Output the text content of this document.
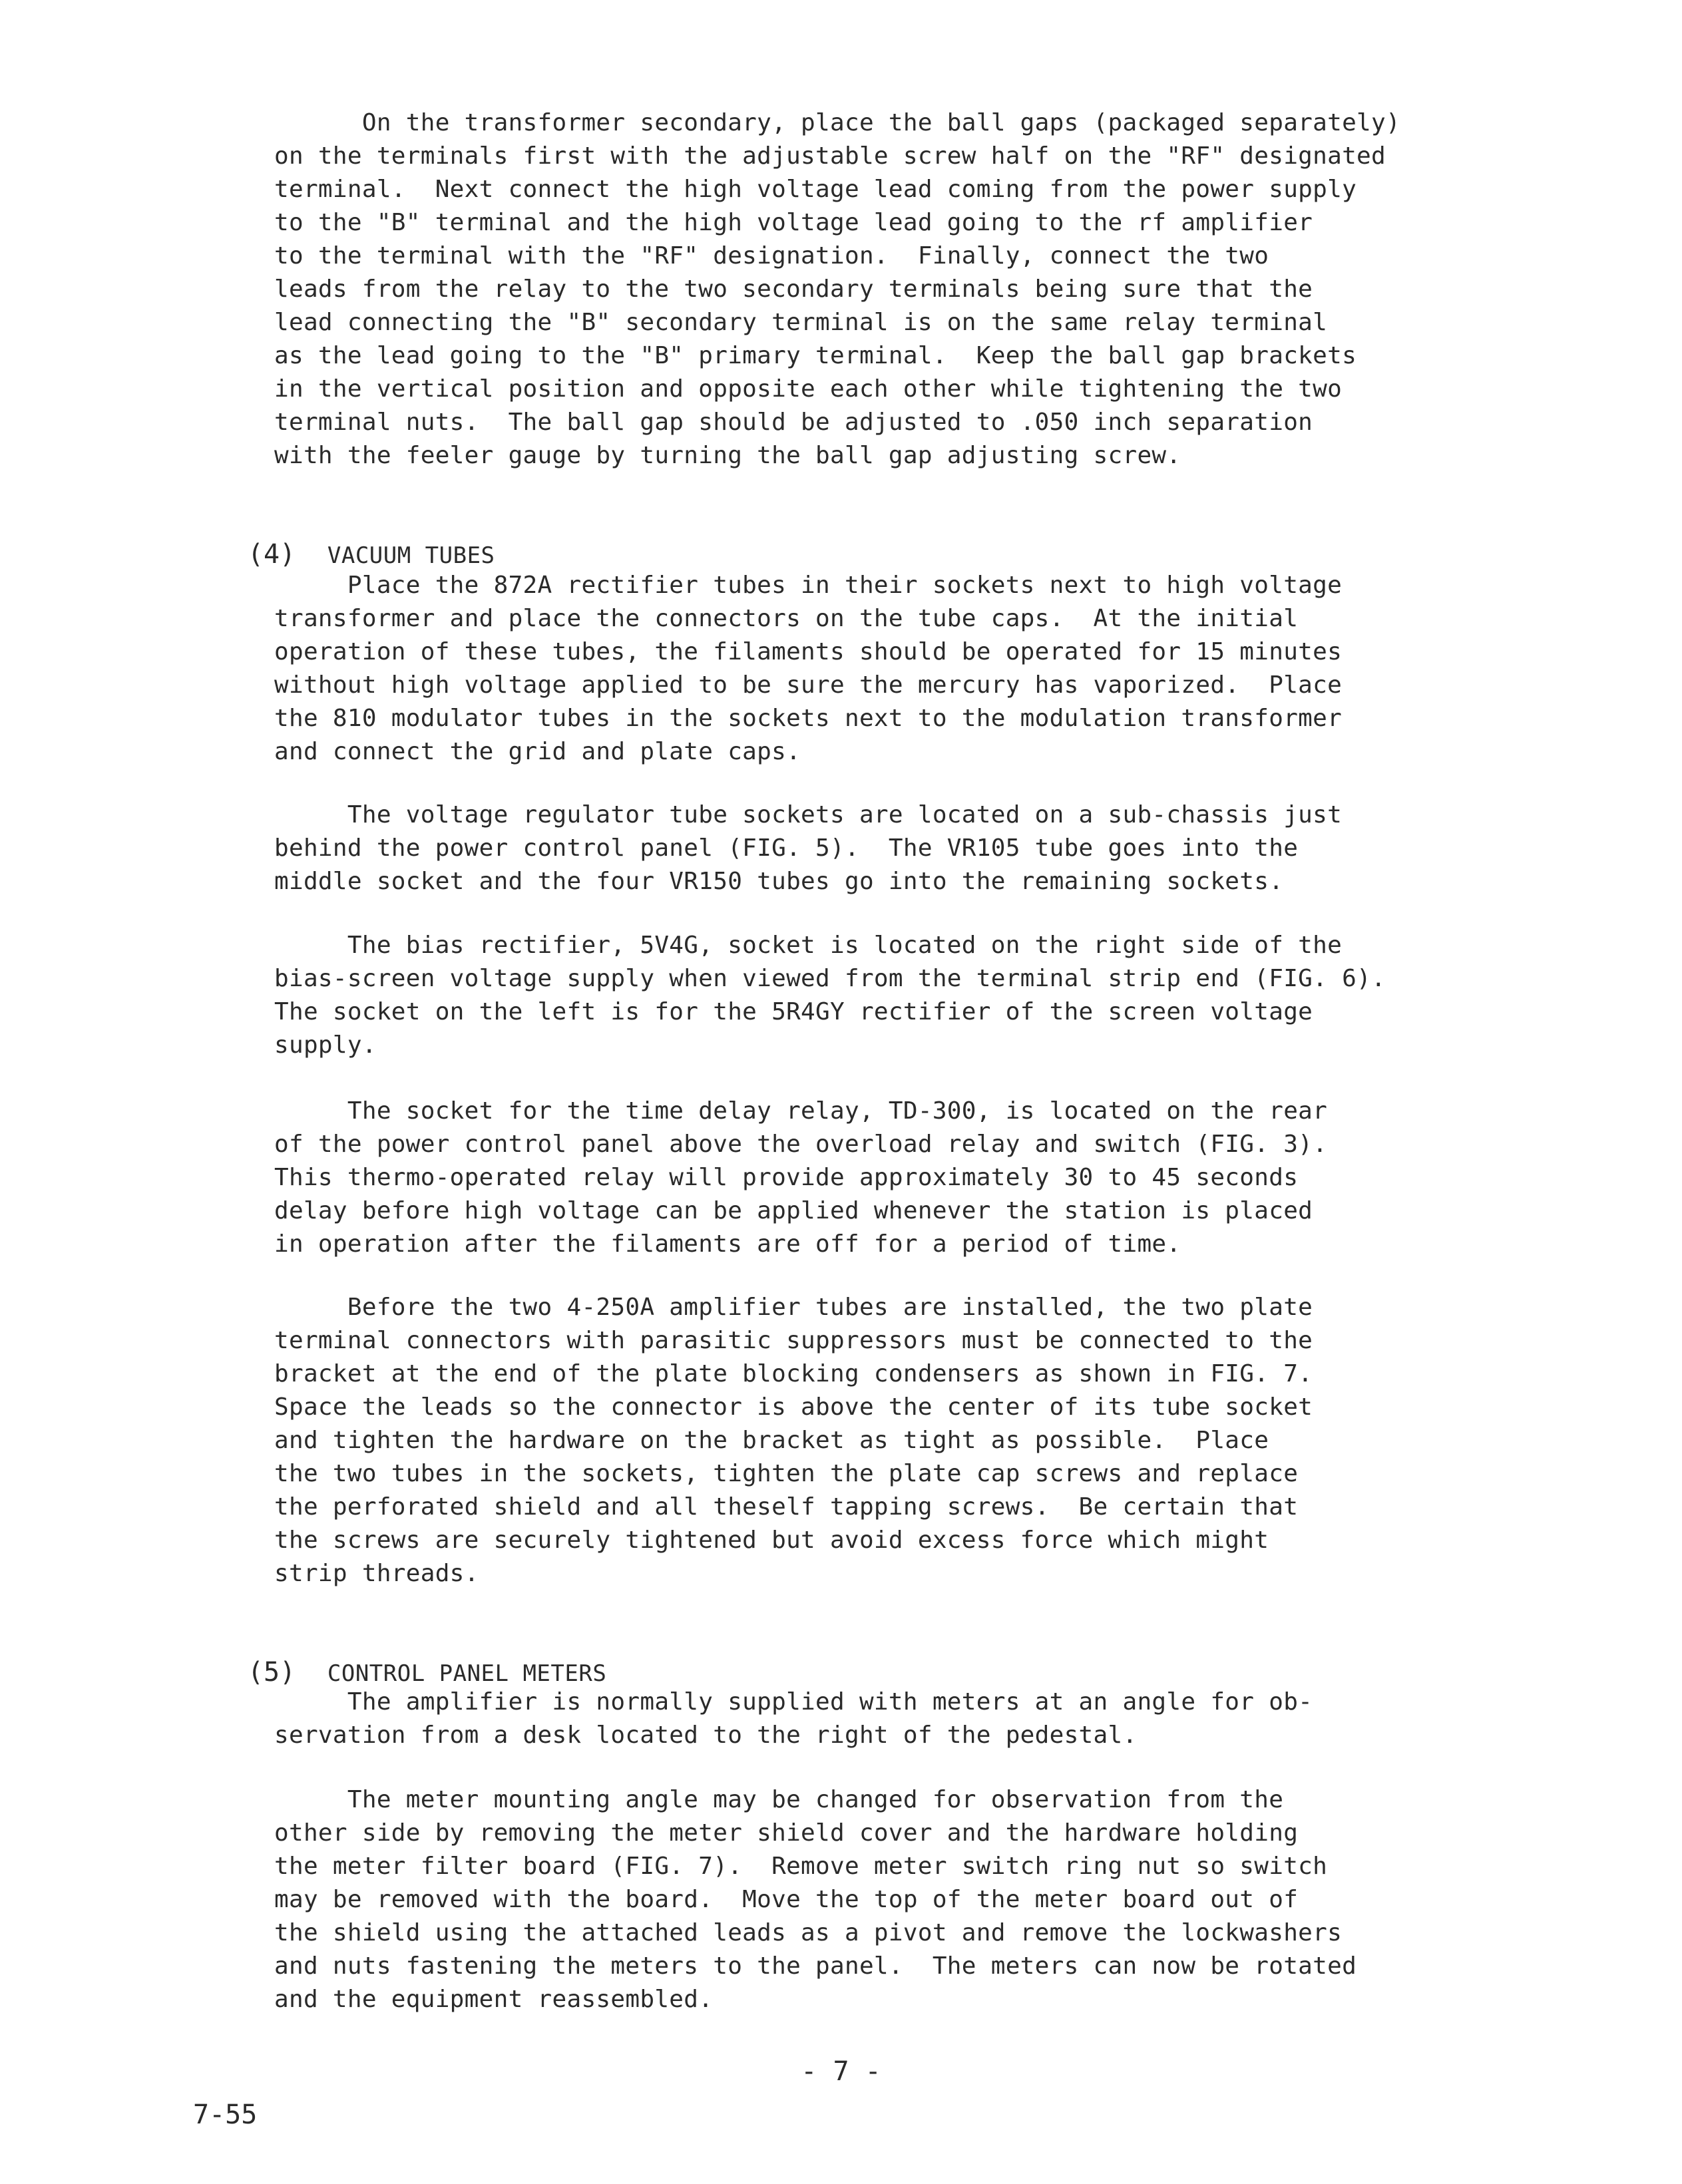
On the transformer secondary, place the ball gaps (packaged separately)
on the terminals first with the adjustable screw half on the "RF" designated
terminal.  Next connect the high voltage lead coming from the power supply
to the "B" terminal and the high voltage lead going to the rf amplifier
to the terminal with the "RF" designation.  Finally, connect the two
leads from the relay to the two secondary terminals being sure that the
lead connecting the "B" secondary terminal is on the same relay terminal
as the lead going to the "B" primary terminal.  Keep the ball gap brackets
in the vertical position and opposite each other while tightening the two
terminal nuts.  The ball gap should be adjusted to .050 inch separation
with the feeler gauge by turning the ball gap adjusting screw.

(4) VACUUM TUBES

Place the 872A rectifier tubes in their sockets next to high voltage
transformer and place the connectors on the tube caps.  At the initial
operation of these tubes, the filaments should be operated for 15 minutes
without high voltage applied to be sure the mercury has vaporized.  Place
the 810 modulator tubes in the sockets next to the modulation transformer
and connect the grid and plate caps.

The voltage regulator tube sockets are located on a sub-chassis just
behind the power control panel (FIG. 5).  The VR105 tube goes into the
middle socket and the four VR150 tubes go into the remaining sockets.

The bias rectifier, 5V4G, socket is located on the right side of the
bias-screen voltage supply when viewed from the terminal strip end (FIG. 6).
The socket on the left is for the 5R4GY rectifier of the screen voltage
supply.

The socket for the time delay relay, TD-300, is located on the rear
of the power control panel above the overload relay and switch (FIG. 3).
This thermo-operated relay will provide approximately 30 to 45 seconds
delay before high voltage can be applied whenever the station is placed
in operation after the filaments are off for a period of time.

Before the two 4-250A amplifier tubes are installed, the two plate
terminal connectors with parasitic suppressors must be connected to the
bracket at the end of the plate blocking condensers as shown in FIG. 7.
Space the leads so the connector is above the center of its tube socket
and tighten the hardware on the bracket as tight as possible.  Place
the two tubes in the sockets, tighten the plate cap screws and replace
the perforated shield and all theself tapping screws.  Be certain that
the screws are securely tightened but avoid excess force which might
strip threads.

(5) CONTROL PANEL METERS

The amplifier is normally supplied with meters at an angle for ob-
servation from a desk located to the right of the pedestal.

The meter mounting angle may be changed for observation from the
other side by removing the meter shield cover and the hardware holding
the meter filter board (FIG. 7).  Remove meter switch ring nut so switch
may be removed with the board.  Move the top of the meter board out of
the shield using the attached leads as a pivot and remove the lockwashers
and nuts fastening the meters to the panel.  The meters can now be rotated
and the equipment reassembled.

- 7 -
7-55
